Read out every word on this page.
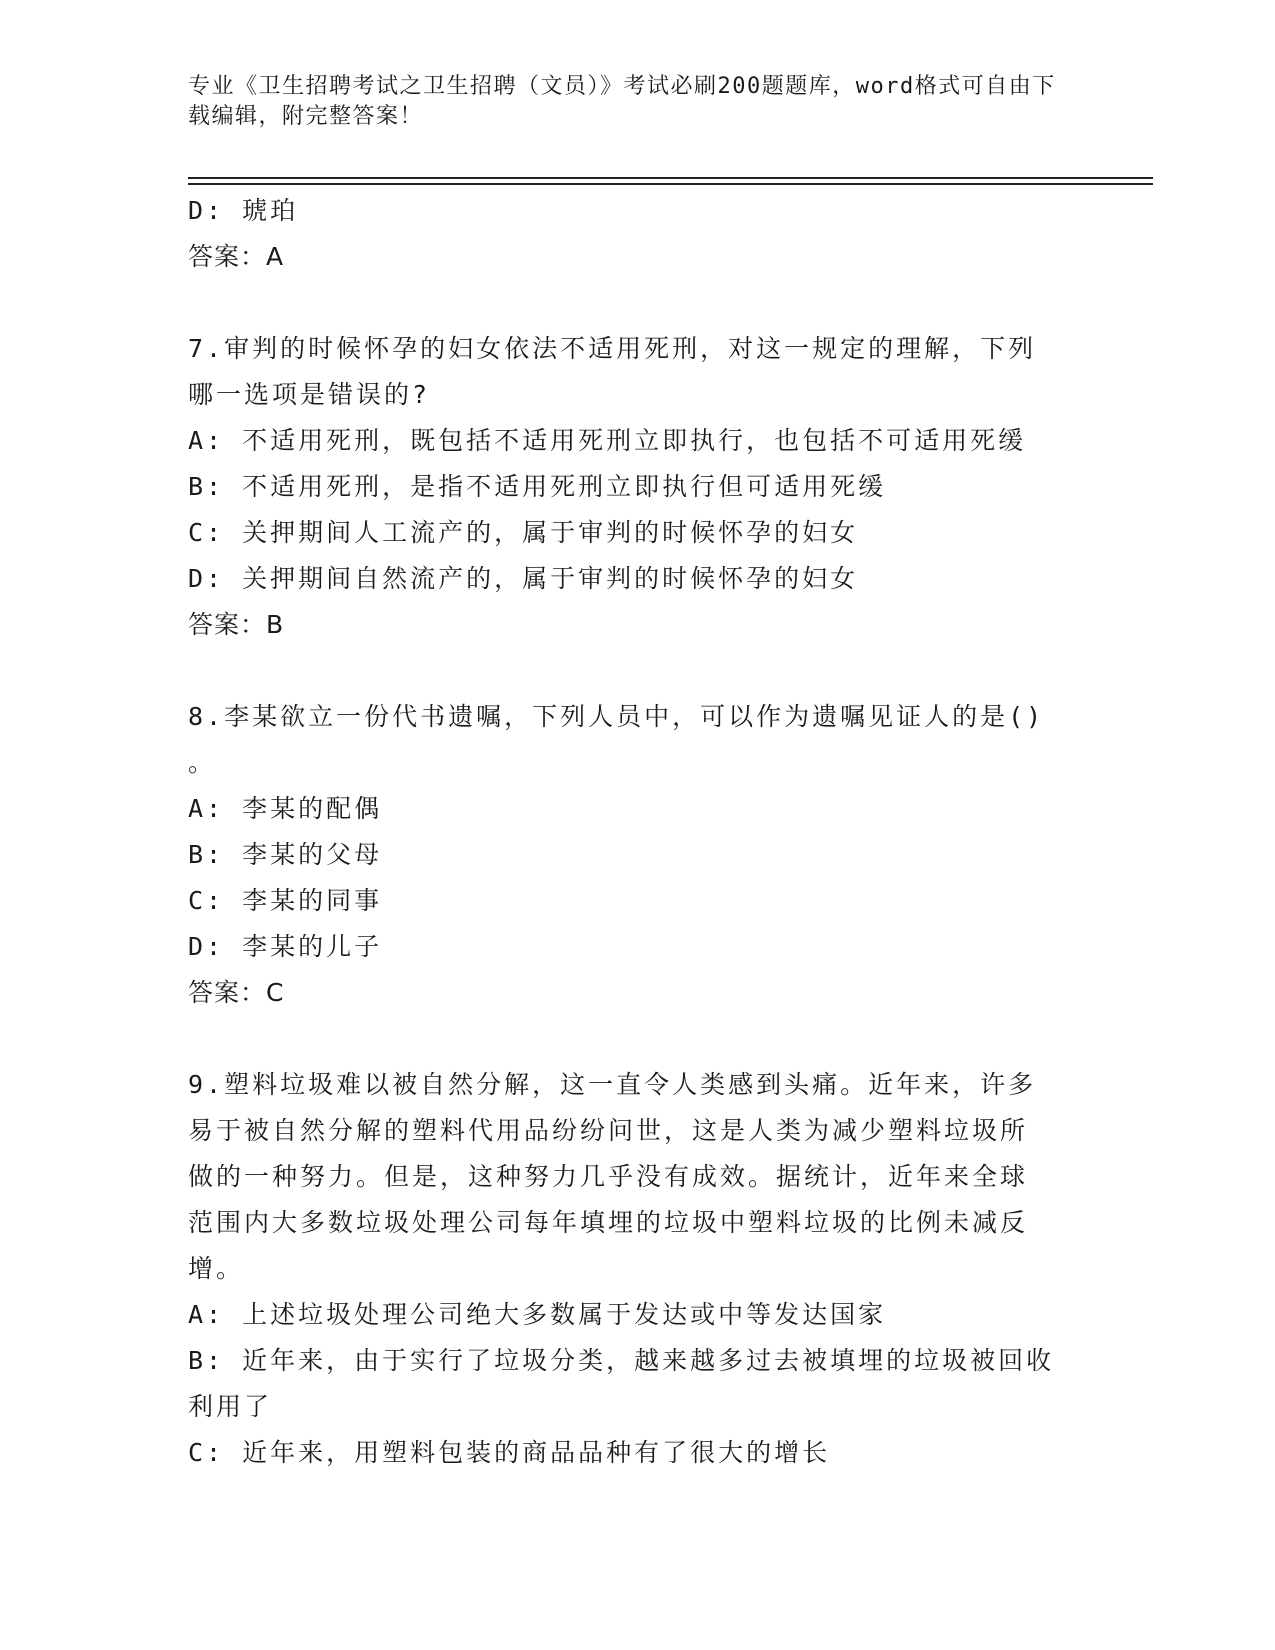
专业《卫生招聘考试之卫生招聘（文员）》考试必刷200题题库，word格式可自由下载编辑，附完整答案！
D: 琥珀
答案：A
7.审判的时候怀孕的妇女依法不适用死刑，对这一规定的理解，下列
哪一选项是错误的?
A: 不适用死刑，既包括不适用死刑立即执行，也包括不可适用死缓
B: 不适用死刑，是指不适用死刑立即执行但可适用死缓
C: 关押期间人工流产的，属于审判的时候怀孕的妇女
D: 关押期间自然流产的，属于审判的时候怀孕的妇女
答案：B
8.李某欲立一份代书遗嘱，下列人员中，可以作为遗嘱见证人的是()
。
A: 李某的配偶
B: 李某的父母
C: 李某的同事
D: 李某的儿子
答案：C
9.塑料垃圾难以被自然分解，这一直令人类感到头痛。近年来，许多
易于被自然分解的塑料代用品纷纷问世，这是人类为减少塑料垃圾所
做的一种努力。但是，这种努力几乎没有成效。据统计，近年来全球
范围内大多数垃圾处理公司每年填埋的垃圾中塑料垃圾的比例未减反
增。
A: 上述垃圾处理公司绝大多数属于发达或中等发达国家
B: 近年来，由于实行了垃圾分类，越来越多过去被填埋的垃圾被回收
利用了
C: 近年来，用塑料包装的商品品种有了很大的增长
